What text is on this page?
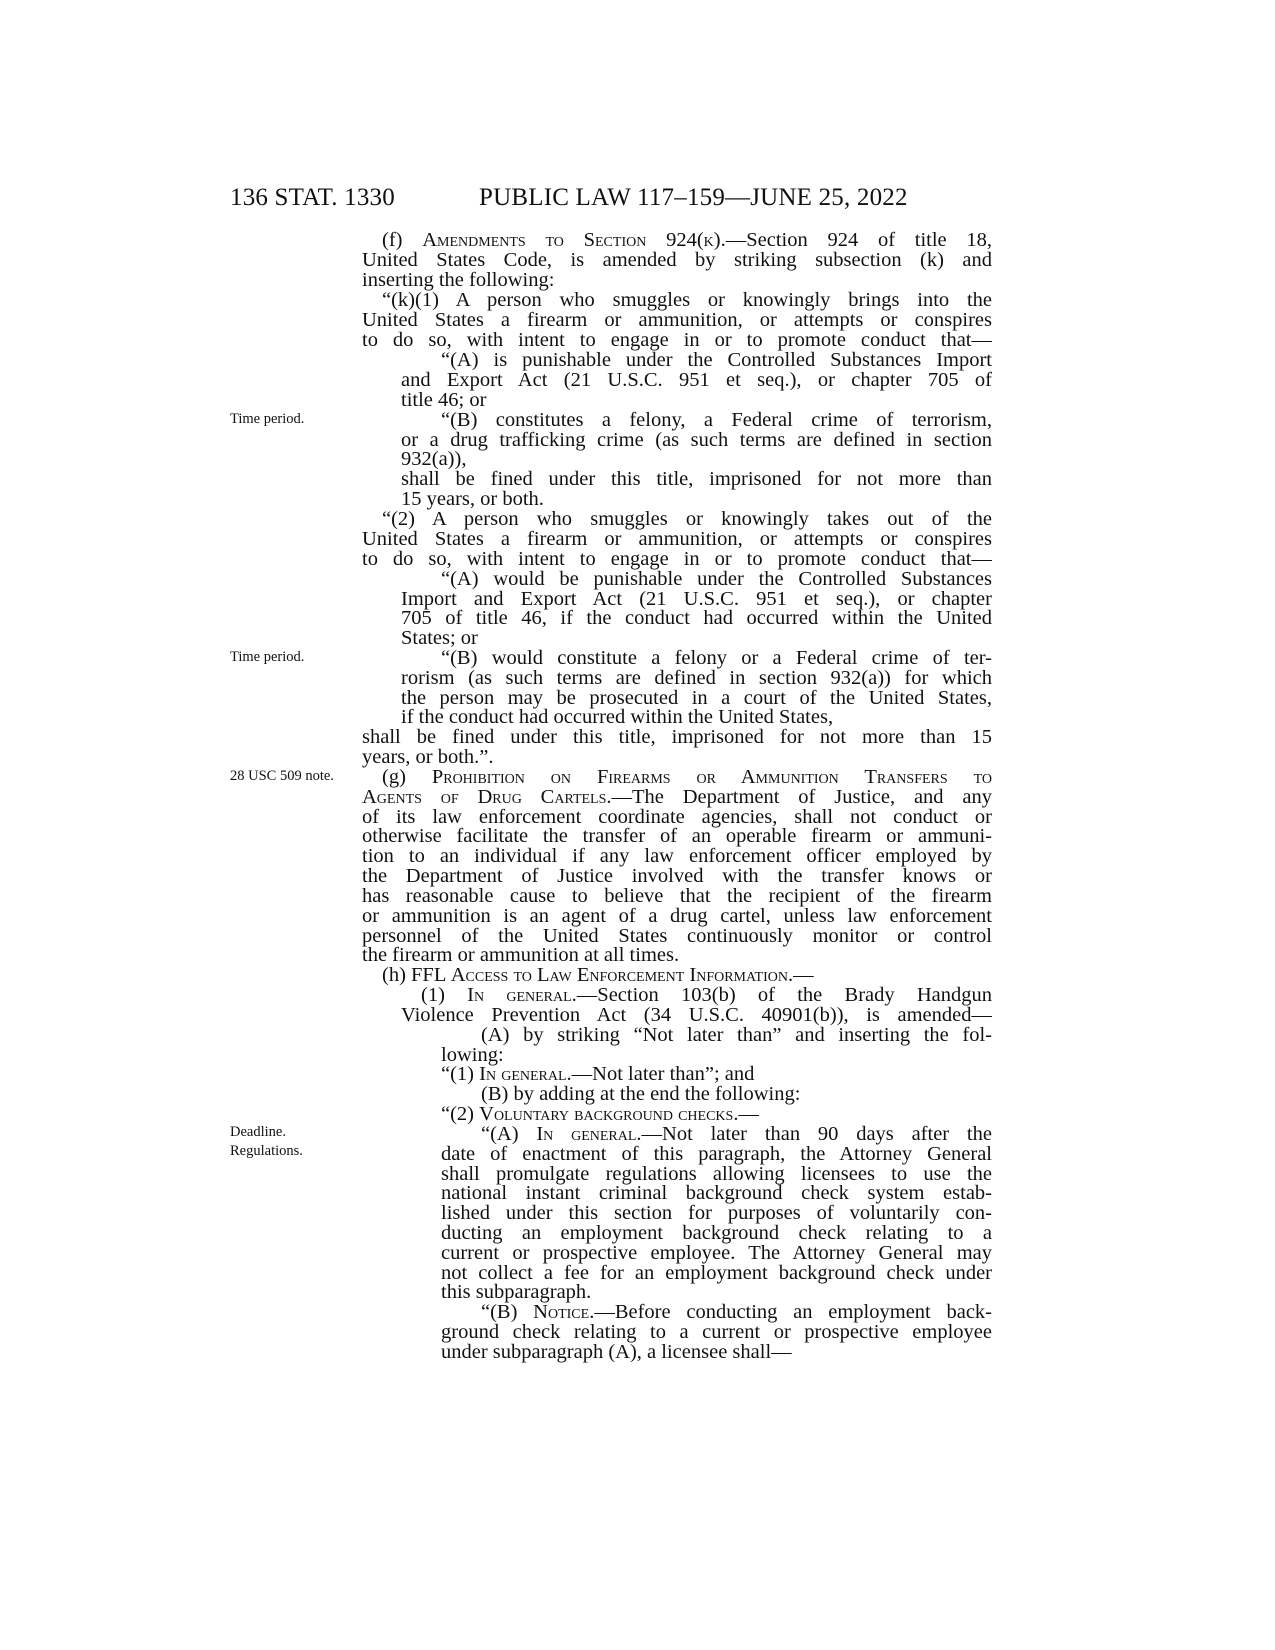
136 STAT. 1330	PUBLIC LAW 117–159—JUNE 25, 2022
Time period.
Time period.
28 USC 509 note.
Deadline.
Regulations.
(f) Amendments to Section 924(k).—Section 924 of title 18,
United States Code, is amended by striking subsection (k) and
inserting the following:
“(k)(1) A person who smuggles or knowingly brings into the
United States a firearm or ammunition, or attempts or conspires
to do so, with intent to engage in or to promote conduct that—
“(A) is punishable under the Controlled Substances Import
and Export Act (21 U.S.C. 951 et seq.), or chapter 705 of
title 46; or
“(B) constitutes a felony, a Federal crime of terrorism,
or a drug trafficking crime (as such terms are defined in section
932(a)),
shall be fined under this title, imprisoned for not more than
15 years, or both.
“(2) A person who smuggles or knowingly takes out of the
United States a firearm or ammunition, or attempts or conspires
to do so, with intent to engage in or to promote conduct that—
“(A) would be punishable under the Controlled Substances
Import and Export Act (21 U.S.C. 951 et seq.), or chapter
705 of title 46, if the conduct had occurred within the United
States; or
“(B) would constitute a felony or a Federal crime of ter-
rorism (as such terms are defined in section 932(a)) for which
the person may be prosecuted in a court of the United States,
if the conduct had occurred within the United States,
shall be fined under this title, imprisoned for not more than 15
years, or both.”.
(g) Prohibition on Firearms or Ammunition Transfers to
Agents of Drug Cartels.—The Department of Justice, and any
of its law enforcement coordinate agencies, shall not conduct or
otherwise facilitate the transfer of an operable firearm or ammuni-
tion to an individual if any law enforcement officer employed by
the Department of Justice involved with the transfer knows or
has reasonable cause to believe that the recipient of the firearm
or ammunition is an agent of a drug cartel, unless law enforcement
personnel of the United States continuously monitor or control
the firearm or ammunition at all times.
(h) FFL Access to Law Enforcement Information.—
(1) In general.—Section 103(b) of the Brady Handgun
Violence Prevention Act (34 U.S.C. 40901(b)), is amended—
(A) by striking “Not later than” and inserting the fol-
lowing:
“(1) In general.—Not later than”; and
(B) by adding at the end the following:
“(2) Voluntary background checks.—
“(A) In general.—Not later than 90 days after the
date of enactment of this paragraph, the Attorney General
shall promulgate regulations allowing licensees to use the
national instant criminal background check system estab-
lished under this section for purposes of voluntarily con-
ducting an employment background check relating to a
current or prospective employee. The Attorney General may
not collect a fee for an employment background check under
this subparagraph.
“(B) Notice.—Before conducting an employment back-
ground check relating to a current or prospective employee
under subparagraph (A), a licensee shall—
